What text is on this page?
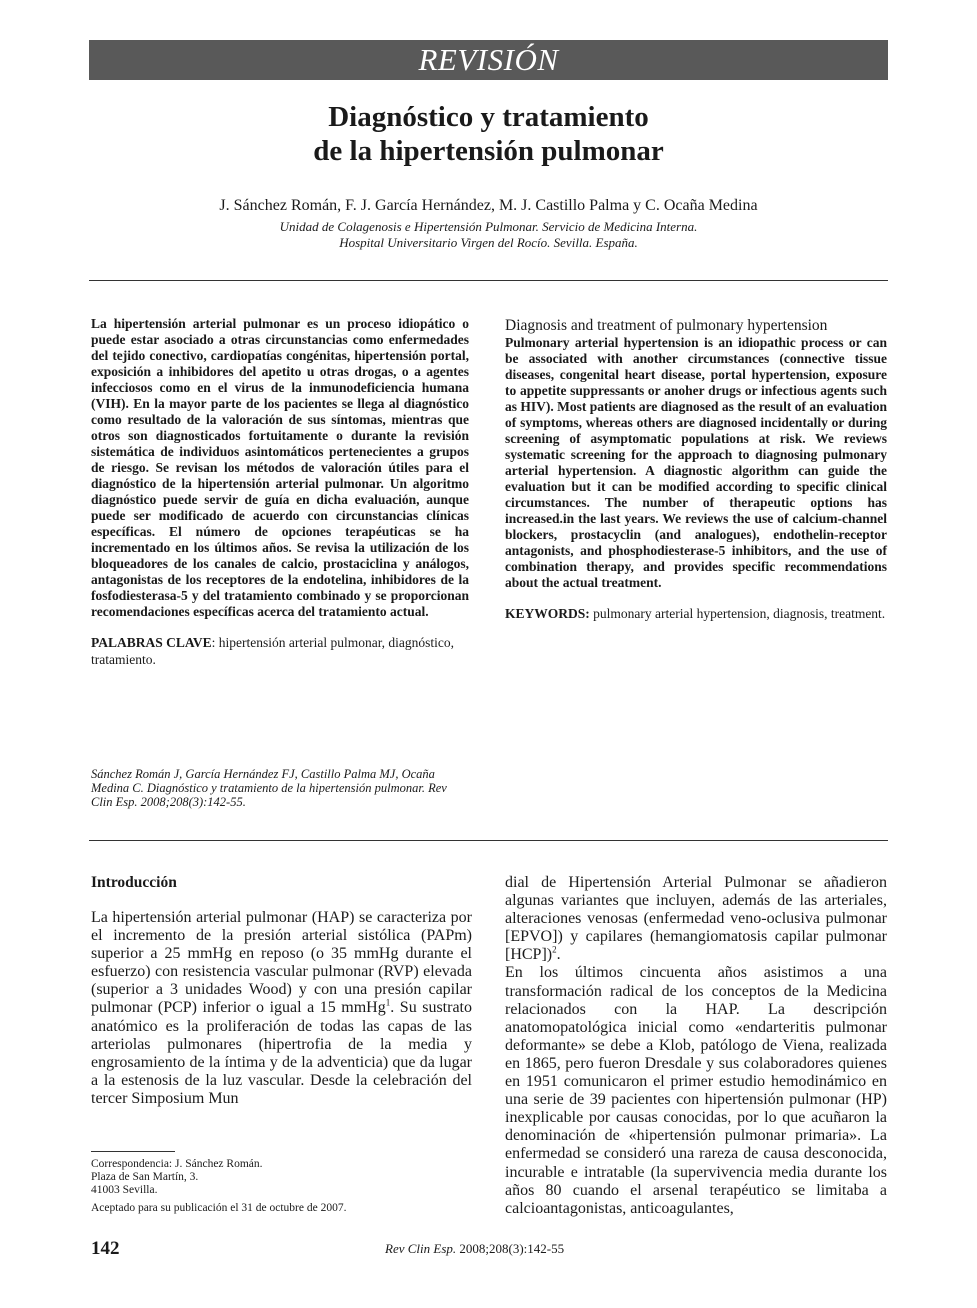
REVISIÓN
Diagnóstico y tratamiento
de la hipertensión pulmonar
J. Sánchez Román, F. J. García Hernández, M. J. Castillo Palma y C. Ocaña Medina
Unidad de Colagenosis e Hipertensión Pulmonar. Servicio de Medicina Interna.
Hospital Universitario Virgen del Rocío. Sevilla. España.
La hipertensión arterial pulmonar es un proceso idiopático o puede estar asociado a otras circunstancias como enfermedades del tejido conectivo, cardiopatías congénitas, hipertensión portal, exposición a inhibidores del apetito u otras drogas, o a agentes infecciosos como en el virus de la inmunodeficiencia humana (VIH). En la mayor parte de los pacientes se llega al diagnóstico como resultado de la valoración de sus síntomas, mientras que otros son diagnosticados fortuitamente o durante la revisión sistemática de individuos asintomáticos pertenecientes a grupos de riesgo. Se revisan los métodos de valoración útiles para el diagnóstico de la hipertensión arterial pulmonar. Un algoritmo diagnóstico puede servir de guía en dicha evaluación, aunque puede ser modificado de acuerdo con circunstancias clínicas específicas. El número de opciones terapéuticas se ha incrementado en los últimos años. Se revisa la utilización de los bloqueadores de los canales de calcio, prostaciclina y análogos, antagonistas de los receptores de la endotelina, inhibidores de la fosfodiesterasa-5 y del tratamiento combinado y se proporcionan recomendaciones específicas acerca del tratamiento actual.
PALABRAS CLAVE: hipertensión arterial pulmonar, diagnóstico, tratamiento.
Sánchez Román J, García Hernández FJ, Castillo Palma MJ, Ocaña Medina C. Diagnóstico y tratamiento de la hipertensión pulmonar. Rev Clin Esp. 2008;208(3):142-55.
Diagnosis and treatment of pulmonary hypertension
Pulmonary arterial hypertension is an idiopathic process or can be associated with another circumstances (connective tissue diseases, congenital heart disease, portal hypertension, exposure to appetite suppressants or anoher drugs or infectious agents such as HIV). Most patients are diagnosed as the result of an evaluation of symptoms, whereas others are diagnosed incidentally or during screening of asymptomatic populations at risk. We reviews systematic screening for the approach to diagnosing pulmonary arterial hypertension. A diagnostic algorithm can guide the evaluation but it can be modified according to specific clinical circumstances. The number of therapeutic options has increased.in the last years. We reviews the use of calcium-channel blockers, prostacyclin (and analogues), endothelin-receptor antagonists, and phosphodiesterase-5 inhibitors, and the use of combination therapy, and provides specific recommendations about the actual treatment.
KEYWORDS: pulmonary arterial hypertension, diagnosis, treatment.
Introducción
La hipertensión arterial pulmonar (HAP) se caracteriza por el incremento de la presión arterial sistólica (PAPm) superior a 25 mmHg en reposo (o 35 mmHg durante el esfuerzo) con resistencia vascular pulmonar (RVP) elevada (superior a 3 unidades Wood) y con una presión capilar pulmonar (PCP) inferior o igual a 15 mmHg$^1$. Su sustrato anatómico es la proliferación de todas las capas de las arteriolas pulmonares (hipertrofia de la media y engrosamiento de la íntima y de la adventicia) que da lugar a la estenosis de la luz vascular. Desde la celebración del tercer Simposium Mun

dial de Hipertensión Arterial Pulmonar se añadieron algunas variantes que incluyen, además de las arteriales, alteraciones venosas (enfermedad veno-oclusiva pulmonar [EPVO]) y capilares (hemangiomatosis capilar pulmonar [HCP])$^2$.

En los últimos cincuenta años asistimos a una transformación radical de los conceptos de la Medicina relacionados con la HAP. La descripción anatomopatológica inicial como «endarteritis pulmonar deformante» se debe a Klob, patólogo de Viena, realizada en 1865, pero fueron Dresdale y sus colaboradores quienes en 1951 comunicaron el primer estudio hemodinámico en una serie de 39 pacientes con hipertensión pulmonar (HP) inexplicable por causas conocidas, por lo que acuñaron la denominación de «hipertensión pulmonar primaria». La enfermedad se consideró una rareza de causa desconocida, incurable e intratable (la supervivencia media durante los años 80 cuando el arsenal terapéutico se limitaba a calcioantagonistas, anticoagulantes,

Correspondencia: J. Sánchez Román.
Plaza de San Martín, 3.
41003 Sevilla.
Aceptado para su publicación el 31 de octubre de 2007.
142	Rev Clin Esp. 2008;208(3):142-55
